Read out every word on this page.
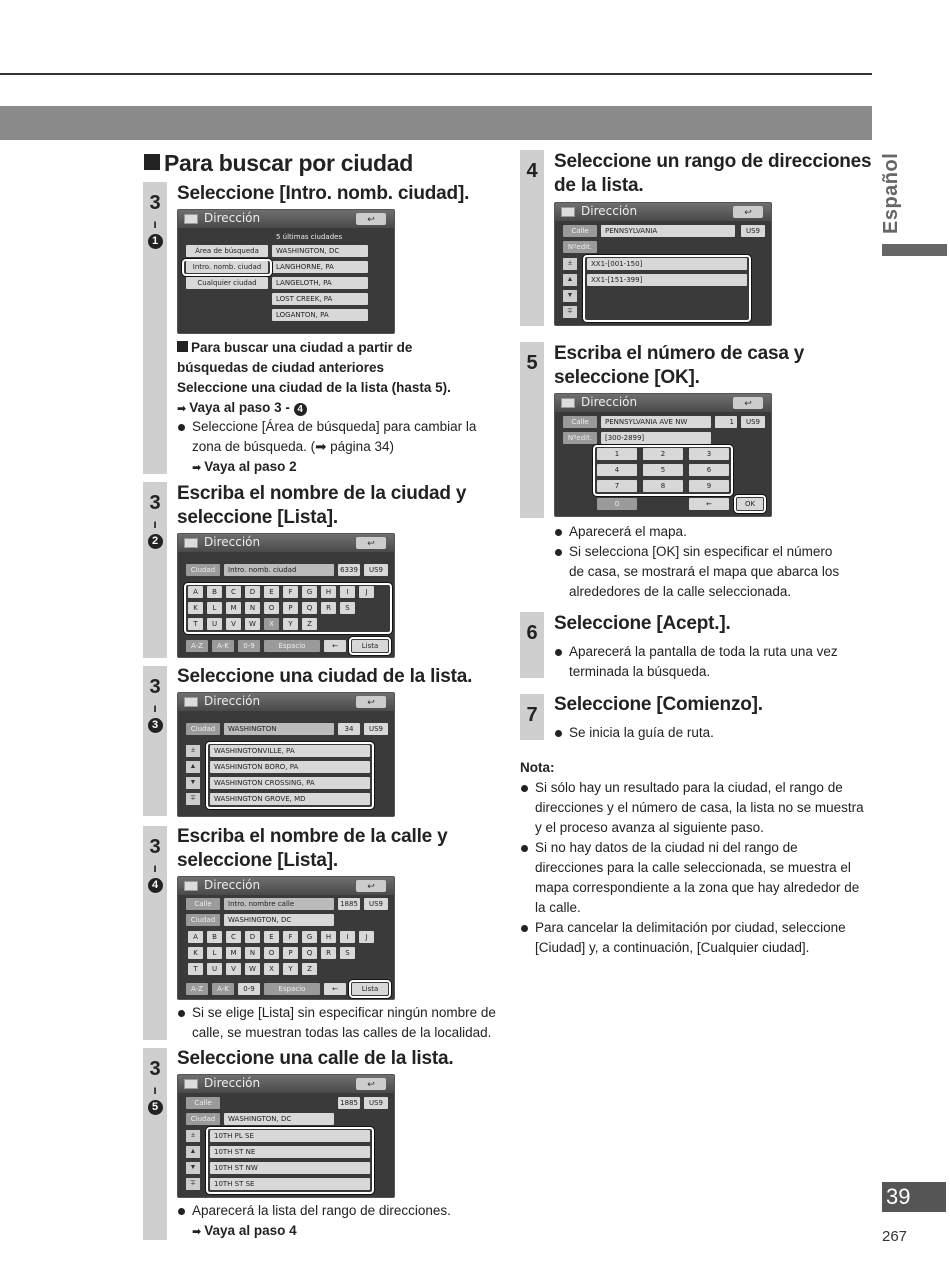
Español
39
267
Para buscar por ciudad
3
ı
1
Seleccione [Intro. nomb. ciudad].
Dirección	↩
5 últimas ciudades
WASHINGTON, DC
LANGHORNE, PA
LANGELOTH, PA
LOST CREEK, PA
LOGANTON, PA
Área de búsqueda
Intro. nomb. ciudad
Cualquier ciudad
Para buscar una ciudad a partir de
búsquedas de ciudad anteriores
Seleccione una ciudad de la lista (hasta 5).
➡ Vaya al paso 3 - 4
Seleccione [Área de búsqueda] para cambiar la
zona de búsqueda. (➡ página 34)
➡ Vaya al paso 2
3
ı
2
Escriba el nombre de la ciudad y
seleccione [Lista].
Dirección	↩
Ciudad	Intro. nomb. ciudad	6339	US9
A	B	C	D	E	F	G	H	I	J
K	L	M	N	O	P	Q	R	S
T	U	V	W	X	Y	Z
A-Z	A-K	0-9	Espacio	←	Lista
3
ı
3
Seleccione una ciudad de la lista.
Dirección	↩
Ciudad	WASHINGTON	34	US9
±
▲
▼
∓
WASHINGTONVILLE, PA
WASHINGTON BORO, PA
WASHINGTON CROSSING, PA
WASHINGTON GROVE, MD
3
ı
4
Escriba el nombre de la calle y
seleccione [Lista].
Dirección	↩
Calle	Intro. nombre calle	1885	US9
Ciudad	WASHINGTON, DC
A	B	C	D	E	F	G	H	I	J
K	L	M	N	O	P	Q	R	S
T	U	V	W	X	Y	Z
A-Z	A-K	0-9	Espacio	←	Lista
Si se elige [Lista] sin especificar ningún nombre de
calle, se muestran todas las calles de la localidad.
3
ı
5
Seleccione una calle de la lista.
Dirección	↩
Calle	1885	US9
Ciudad	WASHINGTON, DC
±
▲
▼
∓
10TH PL SE
10TH ST NE
10TH ST NW
10TH ST SE
Aparecerá la lista del rango de direcciones.
➡ Vaya al paso 4
4 Seleccione un rango de direcciones
de la lista.
Dirección	↩
Calle	PENNSYLVANIA	US9
Nºedit.
±
▲
▼
∓
XX1-[001-150]
XX1-[151-399]
5 Escriba el número de casa y
seleccione [OK].
Dirección	↩
Calle	PENNSYLVANIA AVE NW	1	US9
Nºedit.	[300-2899]
1	2	3
4	5	6
7	8	9
0	←	OK
Aparecerá el mapa.
Si selecciona [OK] sin especificar el número
de casa, se mostrará el mapa que abarca los
alrededores de la calle seleccionada.
6 Seleccione [Acept.].
Aparecerá la pantalla de toda la ruta una vez
terminada la búsqueda.
7 Seleccione [Comienzo].
Se inicia la guía de ruta.
Nota:
Si sólo hay un resultado para la ciudad, el rango de
direcciones y el número de casa, la lista no se muestra
y el proceso avanza al siguiente paso.
Si no hay datos de la ciudad ni del rango de
direcciones para la calle seleccionada, se muestra el
mapa correspondiente a la zona que hay alrededor de
la calle.
Para cancelar la delimitación por ciudad, seleccione
[Ciudad] y, a continuación, [Cualquier ciudad].
